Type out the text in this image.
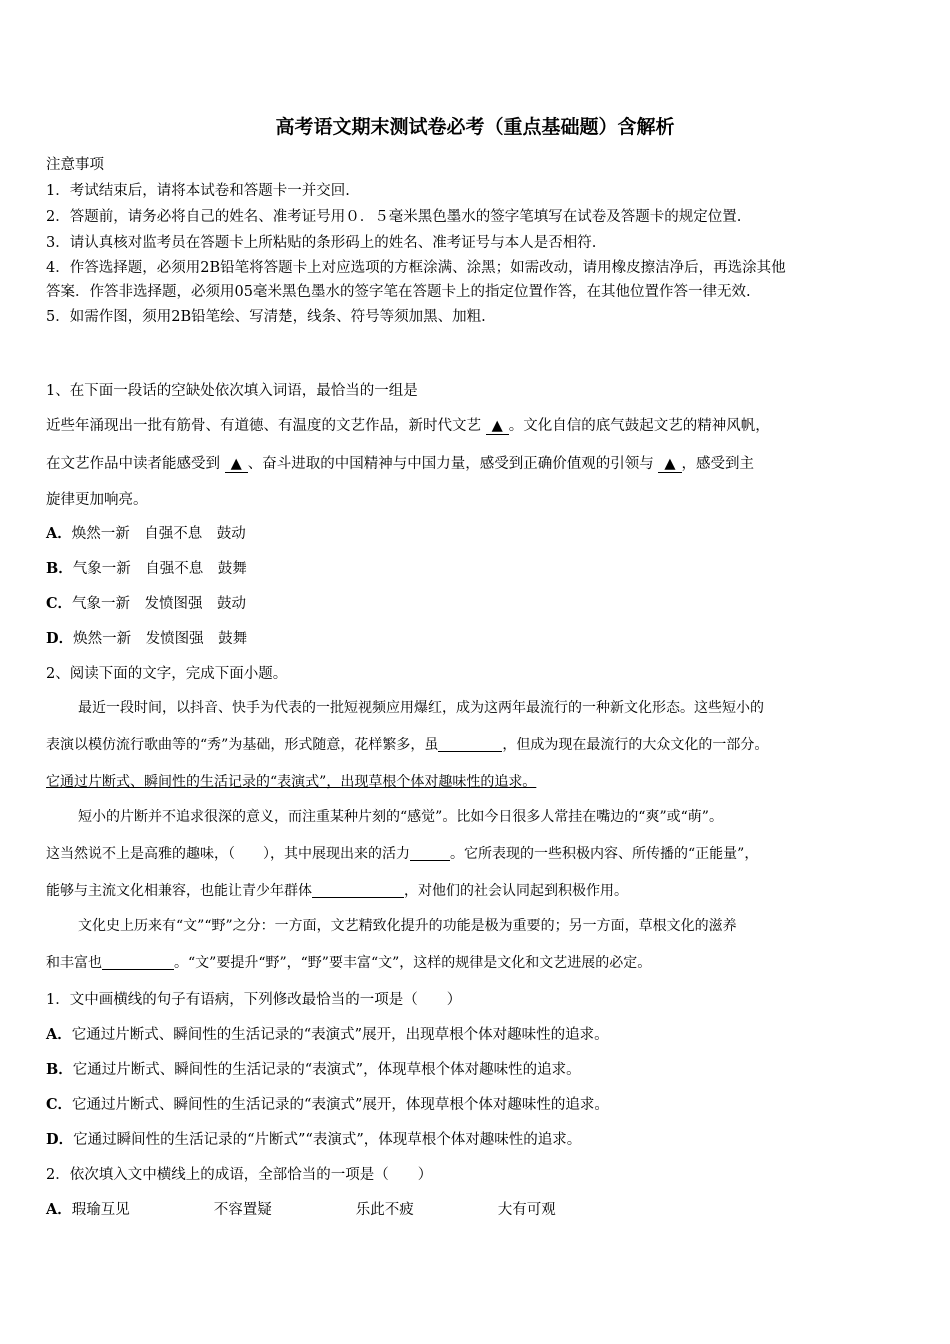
高考语文期末测试卷必考（重点基础题）含解析
注意事项
1．考试结束后，请将本试卷和答题卡一并交回.
2．答题前，请务必将自己的姓名、准考证号用０．５毫米黑色墨水的签字笔填写在试卷及答题卡的规定位置.
3．请认真核对监考员在答题卡上所粘贴的条形码上的姓名、准考证号与本人是否相符.
4．作答选择题，必须用2B铅笔将答题卡上对应选项的方框涂满、涂黑；如需改动，请用橡皮擦洁净后，再选涂其他
答案．作答非选择题，必须用05毫米黑色墨水的签字笔在答题卡上的指定位置作答，在其他位置作答一律无效.
5．如需作图，须用2B铅笔绘、写清楚，线条、符号等须加黑、加粗.
1、在下面一段话的空缺处依次填入词语，最恰当的一组是
近些年涌现出一批有筋骨、有道德、有温度的文艺作品，新时代文艺 ▲ 。文化自信的底气鼓起文艺的精神风帆，
在文艺作品中读者能感受到 ▲ 、奋斗进取的中国精神与中国力量，感受到正确价值观的引领与 ▲ ，感受到主
旋律更加响亮。
A．焕然一新　自强不息　鼓动
B．气象一新　自强不息　鼓舞
C．气象一新　发愤图强　鼓动
D．焕然一新　发愤图强　鼓舞
2、阅读下面的文字，完成下面小题。
最近一段时间，以抖音、快手为代表的一批短视频应用爆红，成为这两年最流行的一种新文化形态。这些短小的
表演以模仿流行歌曲等的“秀”为基础，形式随意，花样繁多，虽	，但成为现在最流行的大众文化的一部分。
它通过片断式、瞬间性的生活记录的“表演式”，出现草根个体对趣味性的追求。
短小的片断并不追求很深的意义，而注重某种片刻的“感觉”。比如今日很多人常挂在嘴边的“爽”或“萌”。
这当然说不上是高雅的趣味，（　　），其中展现出来的活力	。它所表现的一些积极内容、所传播的“正能量”，
能够与主流文化相兼容，也能让青少年群体	，对他们的社会认同起到积极作用。
文化史上历来有“文”“野”之分：一方面，文艺精致化提升的功能是极为重要的；另一方面，草根文化的滋养
和丰富也	。“文”要提升“野”，“野”要丰富“文”，这样的规律是文化和文艺进展的必定。
1．文中画横线的句子有语病，下列修改最恰当的一项是（　　）
A．它通过片断式、瞬间性的生活记录的“表演式”展开，出现草根个体对趣味性的追求。
B．它通过片断式、瞬间性的生活记录的“表演式”，体现草根个体对趣味性的追求。
C．它通过片断式、瞬间性的生活记录的“表演式”展开，体现草根个体对趣味性的追求。
D．它通过瞬间性的生活记录的“片断式”“表演式”，体现草根个体对趣味性的追求。
2．依次填入文中横线上的成语，全部恰当的一项是（　　）
A．瑕瑜互见	不容置疑	乐此不疲	大有可观
